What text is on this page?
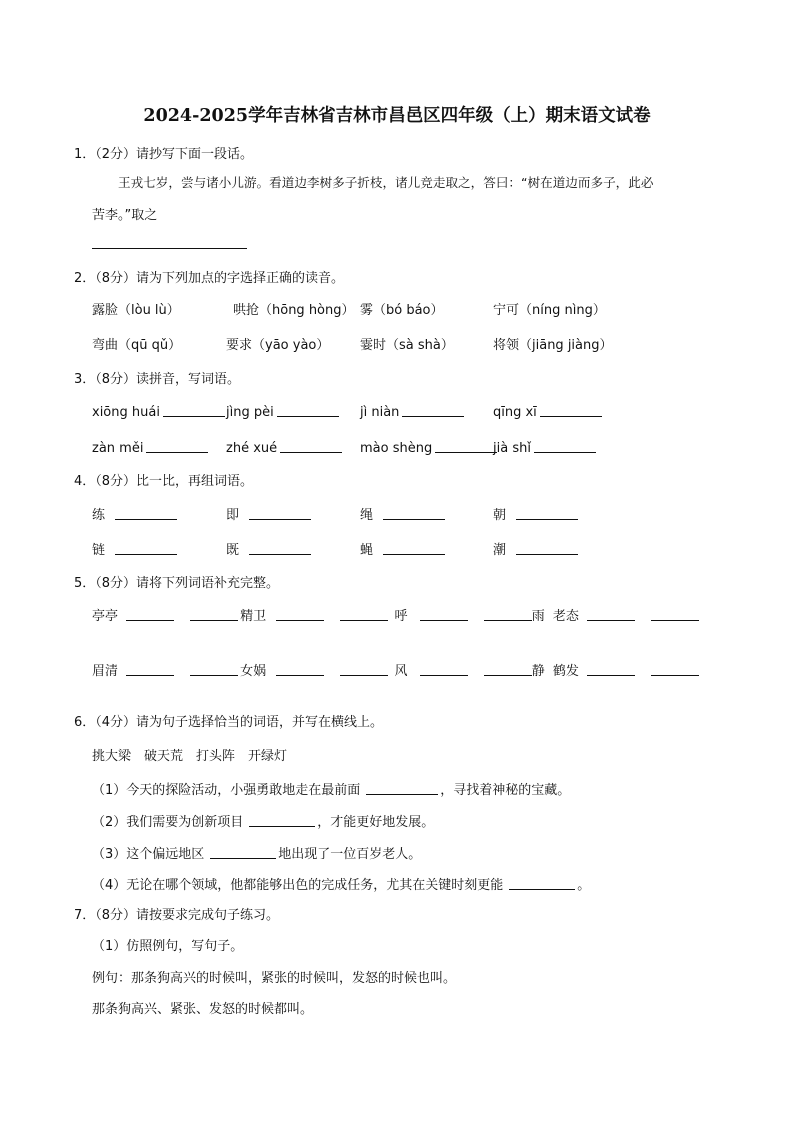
2024-2025学年吉林省吉林市昌邑区四年级（上）期末语文试卷
1．（2分）请抄写下面一段话。
王戎七岁，尝与诸小儿游。看道边李树多子折枝，诸儿竞走取之，答曰：“树在道边而多子，此必
苦李。”取之
2．（8分）请为下列加点的字选择正确的读音。
露脸（lòu lù）	哄抢（hōng hòng） 雾（bó báo）	宁可（níng nìng）
弯曲（qū qǔ）	要求（yāo yào） 霎时（sà shà）	将领（jiāng jiàng）
3．（8分）读拼音，写词语。
xiōng huái	jìng pèi	jì niàn	qīng xī
zàn měi	zhé xué	mào shèng	jià shǐ
4．（8分）比一比，再组词语。
练	即	绳	朝
链	既	蝇	潮
5．（8分）请将下列词语补充完整。
亭亭	精卫	呼	雨 老态
眉清	女娲	风	静 鹤发
6．（4分）请为句子选择恰当的词语，并写在横线上。
挑大梁　破天荒　打头阵　开绿灯
（1）今天的探险活动，小强勇敢地走在最前面	，寻找着神秘的宝藏。
（2）我们需要为创新项目	，才能更好地发展。
（3）这个偏远地区	地出现了一位百岁老人。
（4）无论在哪个领域，他都能够出色的完成任务，尤其在关键时刻更能	。
7．（8分）请按要求完成句子练习。
（1）仿照例句，写句子。
例句：那条狗高兴的时候叫，紧张的时候叫，发怒的时候也叫。
那条狗高兴、紧张、发怒的时候都叫。
